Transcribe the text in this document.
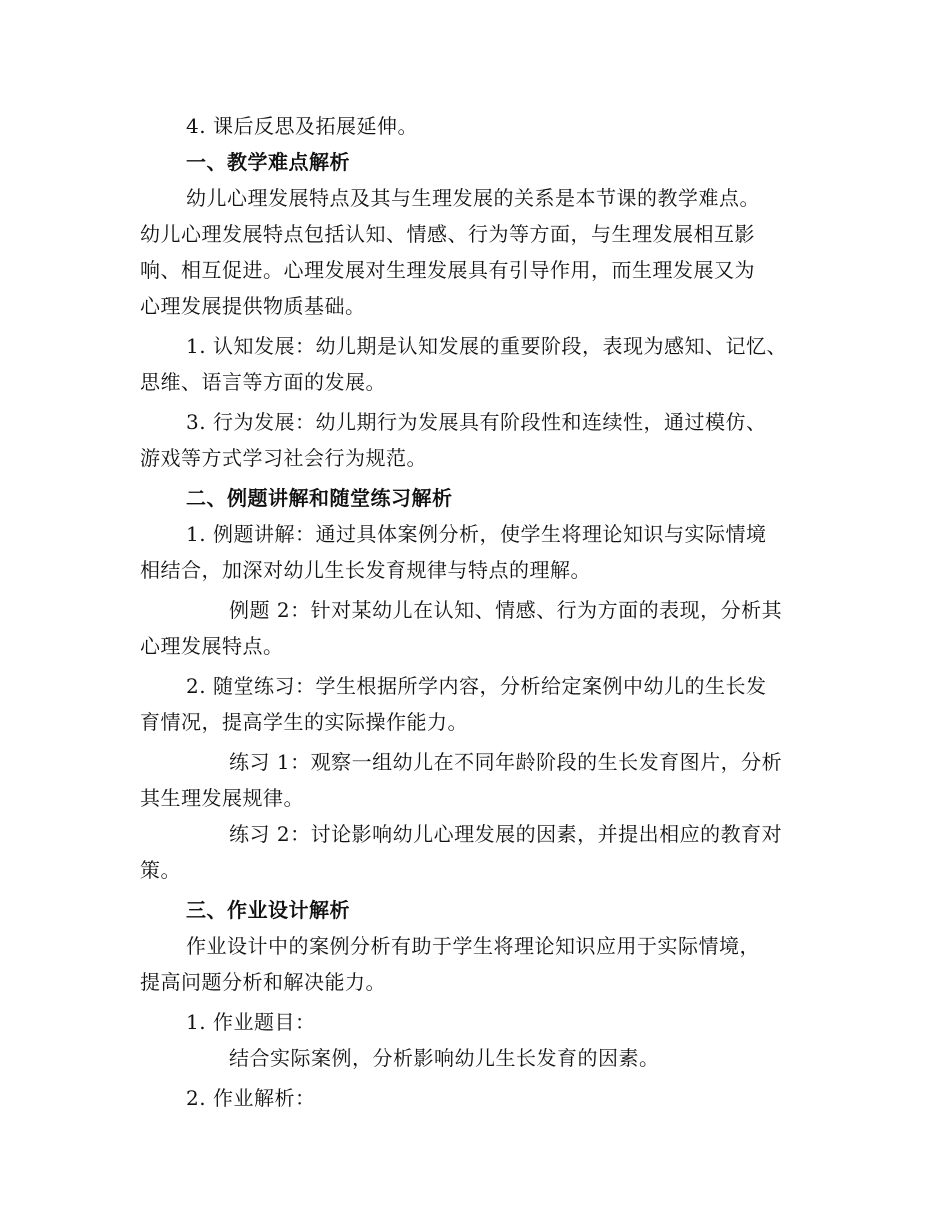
4. 课后反思及拓展延伸。
一、教学难点解析
幼儿心理发展特点及其与生理发展的关系是本节课的教学难点。
幼儿心理发展特点包括认知、情感、行为等方面，与生理发展相互影
响、相互促进。心理发展对生理发展具有引导作用，而生理发展又为
心理发展提供物质基础。
1. 认知发展：幼儿期是认知发展的重要阶段，表现为感知、记忆、
思维、语言等方面的发展。
3. 行为发展：幼儿期行为发展具有阶段性和连续性，通过模仿、
游戏等方式学习社会行为规范。
二、例题讲解和随堂练习解析
1. 例题讲解：通过具体案例分析，使学生将理论知识与实际情境
相结合，加深对幼儿生长发育规律与特点的理解。
例题 2：针对某幼儿在认知、情感、行为方面的表现，分析其
心理发展特点。
2. 随堂练习：学生根据所学内容，分析给定案例中幼儿的生长发
育情况，提高学生的实际操作能力。
练习 1：观察一组幼儿在不同年龄阶段的生长发育图片，分析
其生理发展规律。
练习 2：讨论影响幼儿心理发展的因素，并提出相应的教育对
策。
三、作业设计解析
作业设计中的案例分析有助于学生将理论知识应用于实际情境，
提高问题分析和解决能力。
1. 作业题目：
结合实际案例，分析影响幼儿生长发育的因素。
2. 作业解析：
